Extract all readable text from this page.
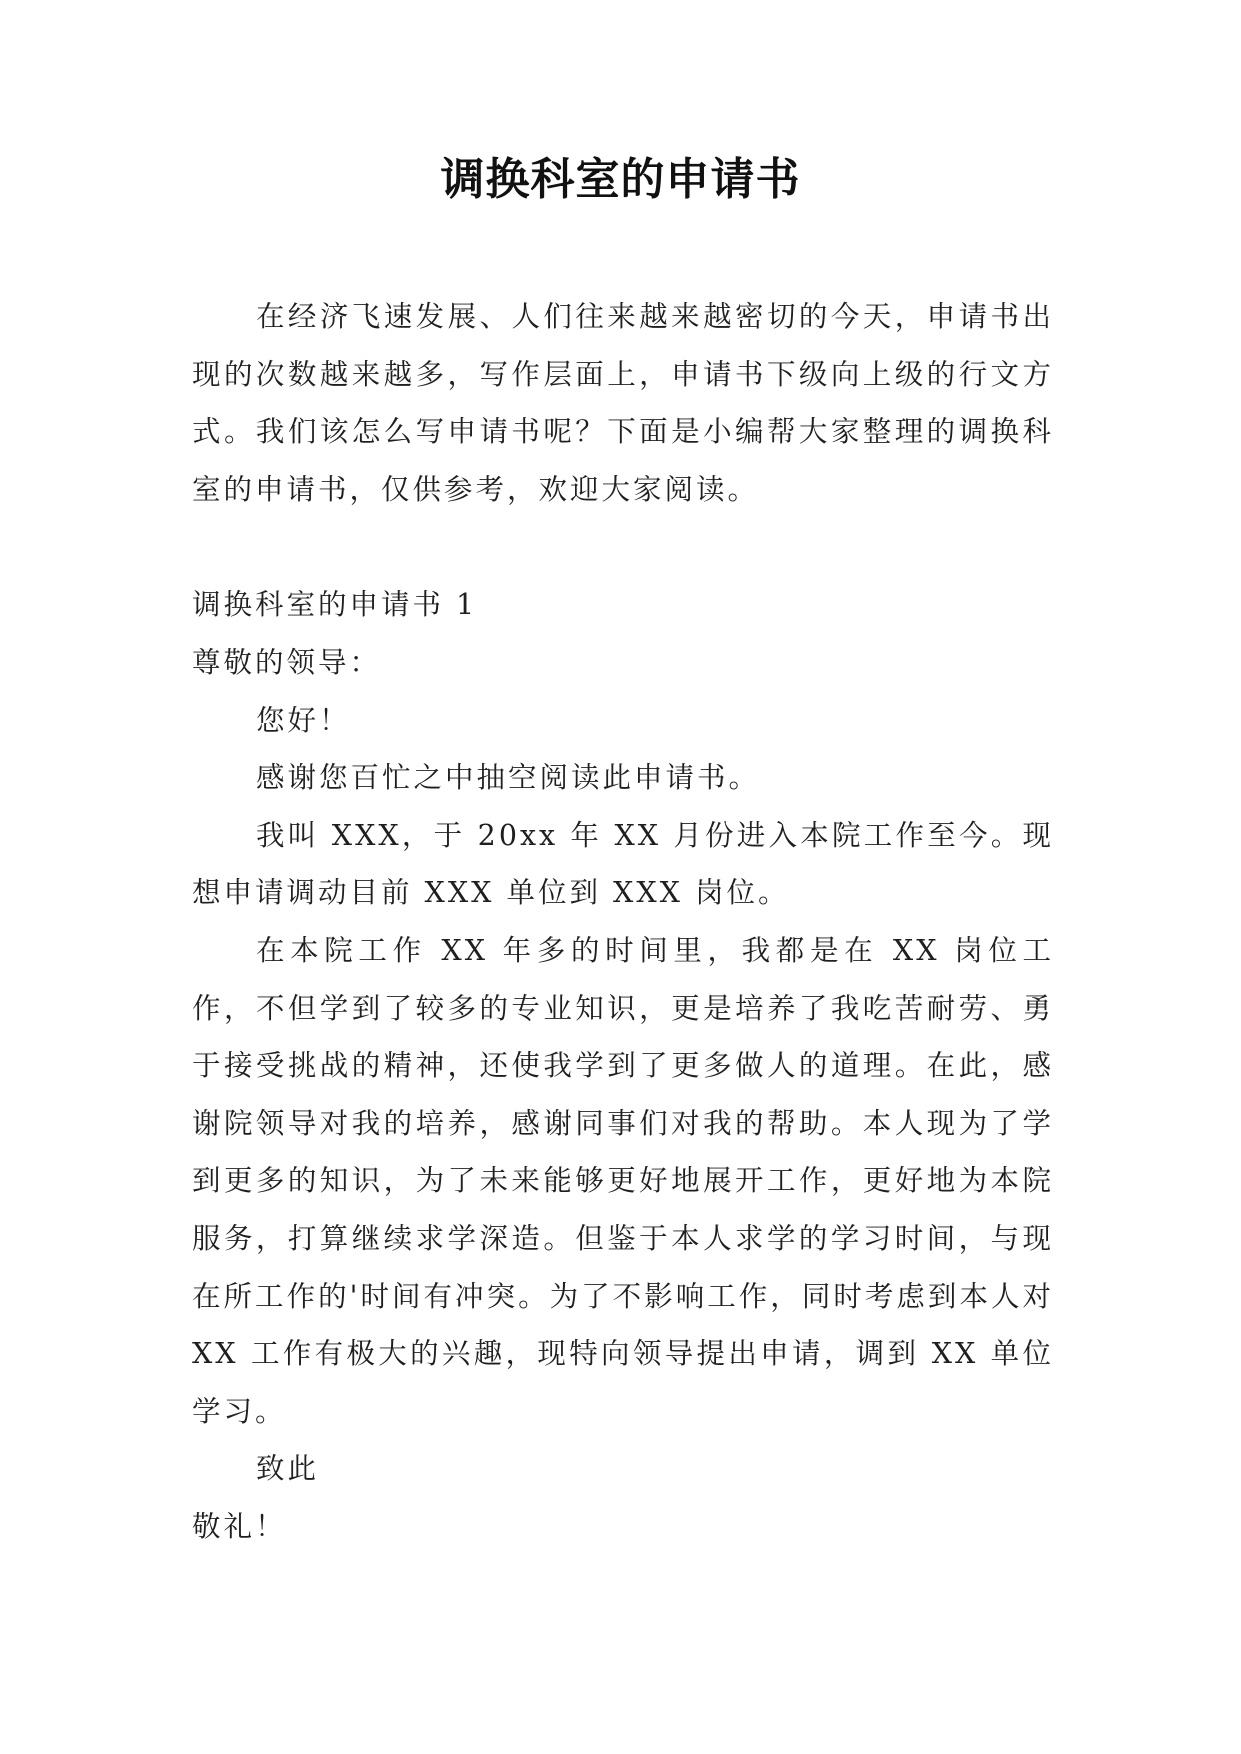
调换科室的申请书

在经济飞速发展、人们往来越来越密切的今天，申请书出现的次数越来越多，写作层面上，申请书下级向上级的行文方式。我们该怎么写申请书呢？下面是小编帮大家整理的调换科室的申请书，仅供参考，欢迎大家阅读。

调换科室的申请书 1

尊敬的领导：

您好！

感谢您百忙之中抽空阅读此申请书。

我叫 XXX，于 20xx 年 XX 月份进入本院工作至今。现想申请调动目前 XXX 单位到 XXX 岗位。

在本院工作 XX 年多的时间里，我都是在 XX 岗位工作，不但学到了较多的专业知识，更是培养了我吃苦耐劳、勇于接受挑战的精神，还使我学到了更多做人的道理。在此，感谢院领导对我的培养，感谢同事们对我的帮助。本人现为了学到更多的知识，为了未来能够更好地展开工作，更好地为本院服务，打算继续求学深造。但鉴于本人求学的学习时间，与现在所工作的'时间有冲突。为了不影响工作，同时考虑到本人对 XX 工作有极大的兴趣，现特向领导提出申请，调到 XX 单位学习。

致此

敬礼！
